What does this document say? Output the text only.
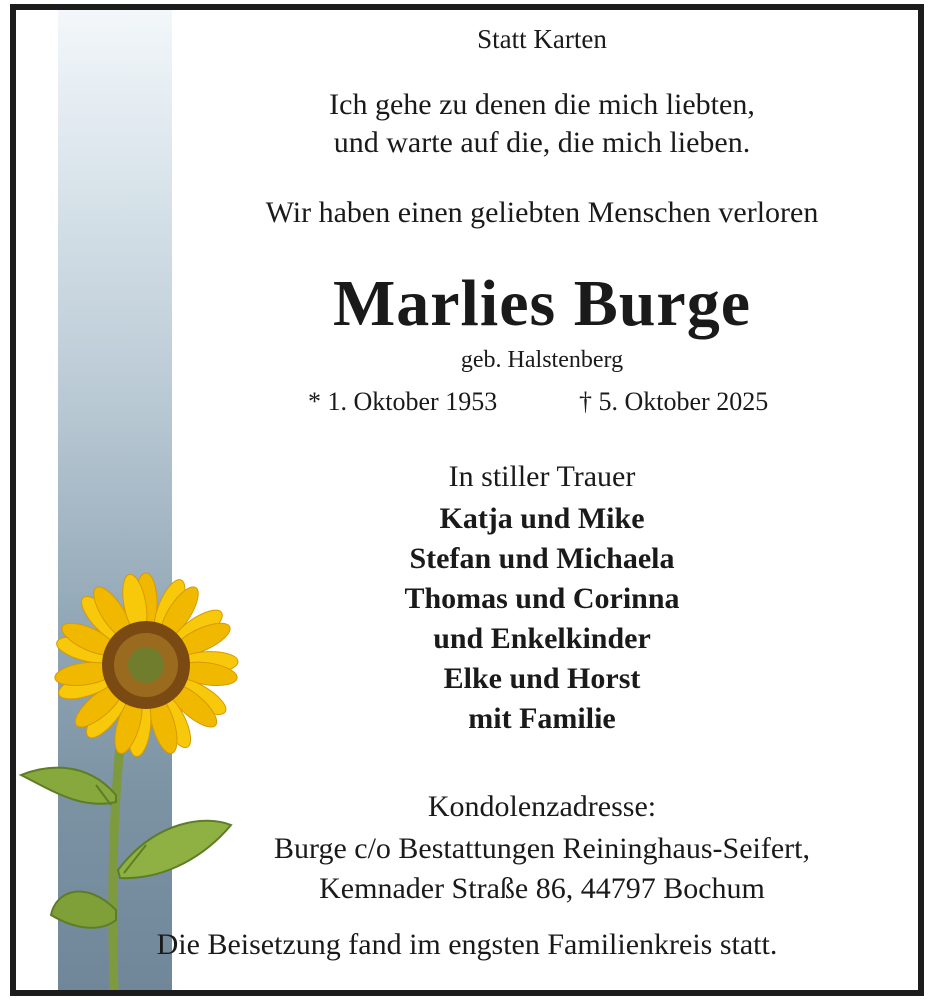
Statt Karten
Ich gehe zu denen die mich liebten,
und warte auf die, die mich lieben.
Wir haben einen geliebten Menschen verloren
Marlies Burge
geb. Halstenberg
* 1. Oktober 1953	† 5. Oktober 2025
In stiller Trauer
Katja und Mike
Stefan und Michaela
Thomas und Corinna
und Enkelkinder
Elke und Horst
mit Familie
Kondolenzadresse:
Burge c/o Bestattungen Reininghaus-Seifert,
Kemnader Straße 86, 44797 Bochum
Die Beisetzung fand im engsten Familienkreis statt.
